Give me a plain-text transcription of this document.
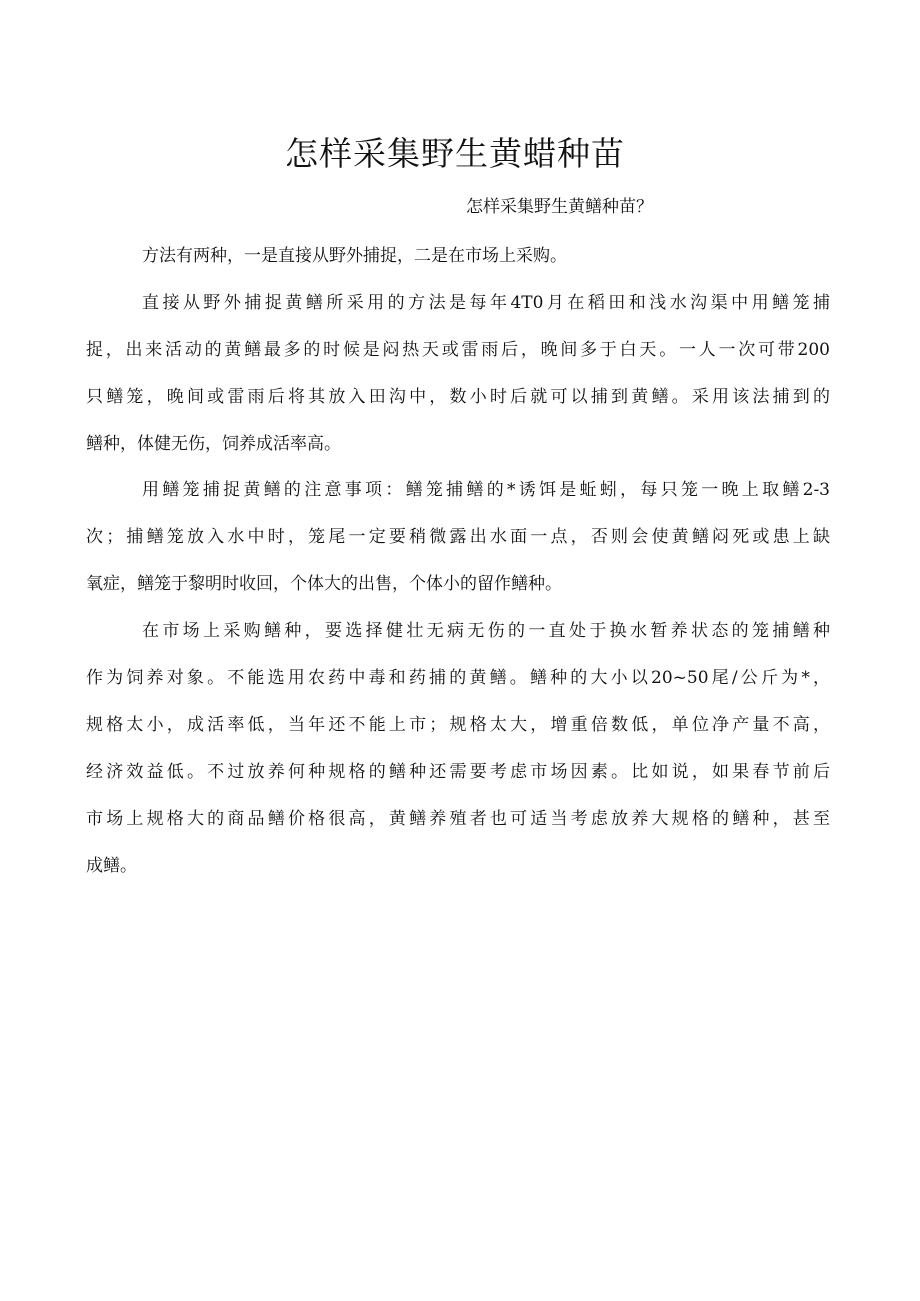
怎样采集野生黄蜡种苗
怎样采集野生黄鳝种苗？
方法有两种，一是直接从野外捕捉，二是在市场上采购。
直接从野外捕捉黄鳝所采用的方法是每年4T0月在稻田和浅水沟渠中用鳝笼捕
捉，出来活动的黄鳝最多的时候是闷热天或雷雨后，晚间多于白天。一人一次可带200
只鳝笼，晚间或雷雨后将其放入田沟中，数小时后就可以捕到黄鳝。采用该法捕到的
鳝种，体健无伤，饲养成活率高。
用鳝笼捕捉黄鳝的注意事项：鳝笼捕鳝的*诱饵是蚯蚓，每只笼一晚上取鳝2-3
次；捕鳝笼放入水中时，笼尾一定要稍微露出水面一点，否则会使黄鳝闷死或患上缺
氧症，鳝笼于黎明时收回，个体大的出售，个体小的留作鳝种。
在市场上采购鳝种，要选择健壮无病无伤的一直处于换水暂养状态的笼捕鳝种
作为饲养对象。不能选用农药中毒和药捕的黄鳝。鳝种的大小以20~50尾/公斤为*，
规格太小，成活率低，当年还不能上市；规格太大，增重倍数低，单位净产量不高，
经济效益低。不过放养何种规格的鳝种还需要考虑市场因素。比如说，如果春节前后
市场上规格大的商品鳝价格很高，黄鳝养殖者也可适当考虑放养大规格的鳝种，甚至
成鳝。
